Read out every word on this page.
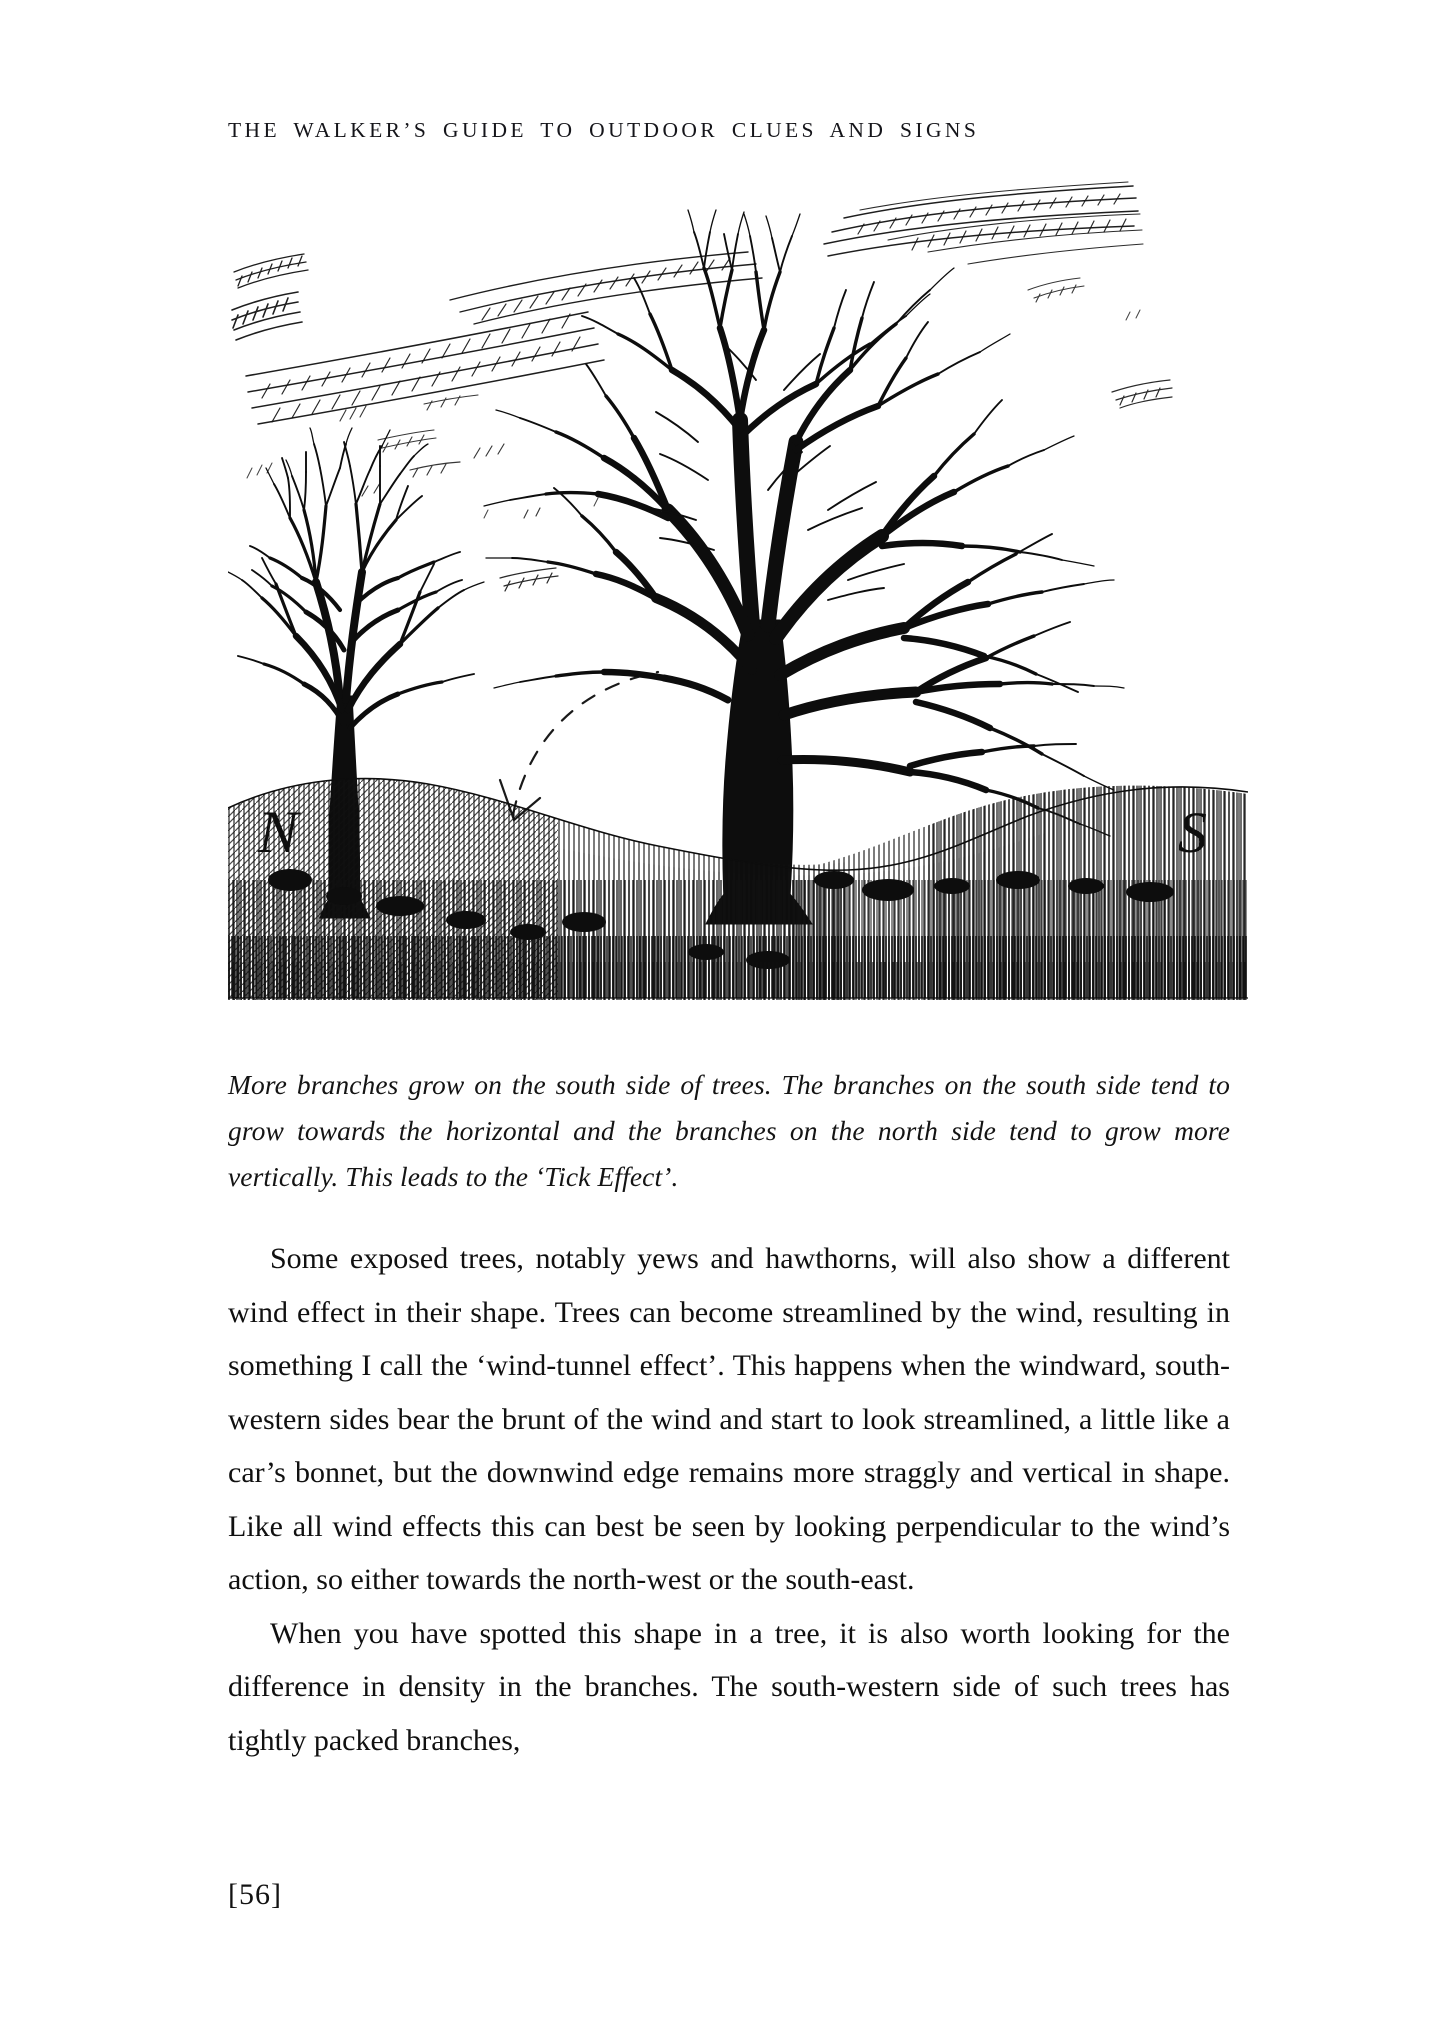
THE WALKER’S GUIDE TO OUTDOOR CLUES AND SIGNS
More branches grow on the south side of trees. The branches on the south side tend to grow towards the horizontal and the branches on the north side tend to grow more vertically. This leads to the ‘Tick Effect’.

Some exposed trees, notably yews and hawthorns, will also show a different wind effect in their shape. Trees can become streamlined by the wind, resulting in something I call the ‘wind-tunnel effect’. This happens when the windward, south-western sides bear the brunt of the wind and start to look streamlined, a little like a car’s bonnet, but the downwind edge remains more straggly and vertical in shape. Like all wind effects this can best be seen by looking perpendicular to the wind’s action, so either towards the north-west or the south-east.

When you have spotted this shape in a tree, it is also worth looking for the difference in density in the branches. The south-western side of such trees has tightly packed branches,

[56]
